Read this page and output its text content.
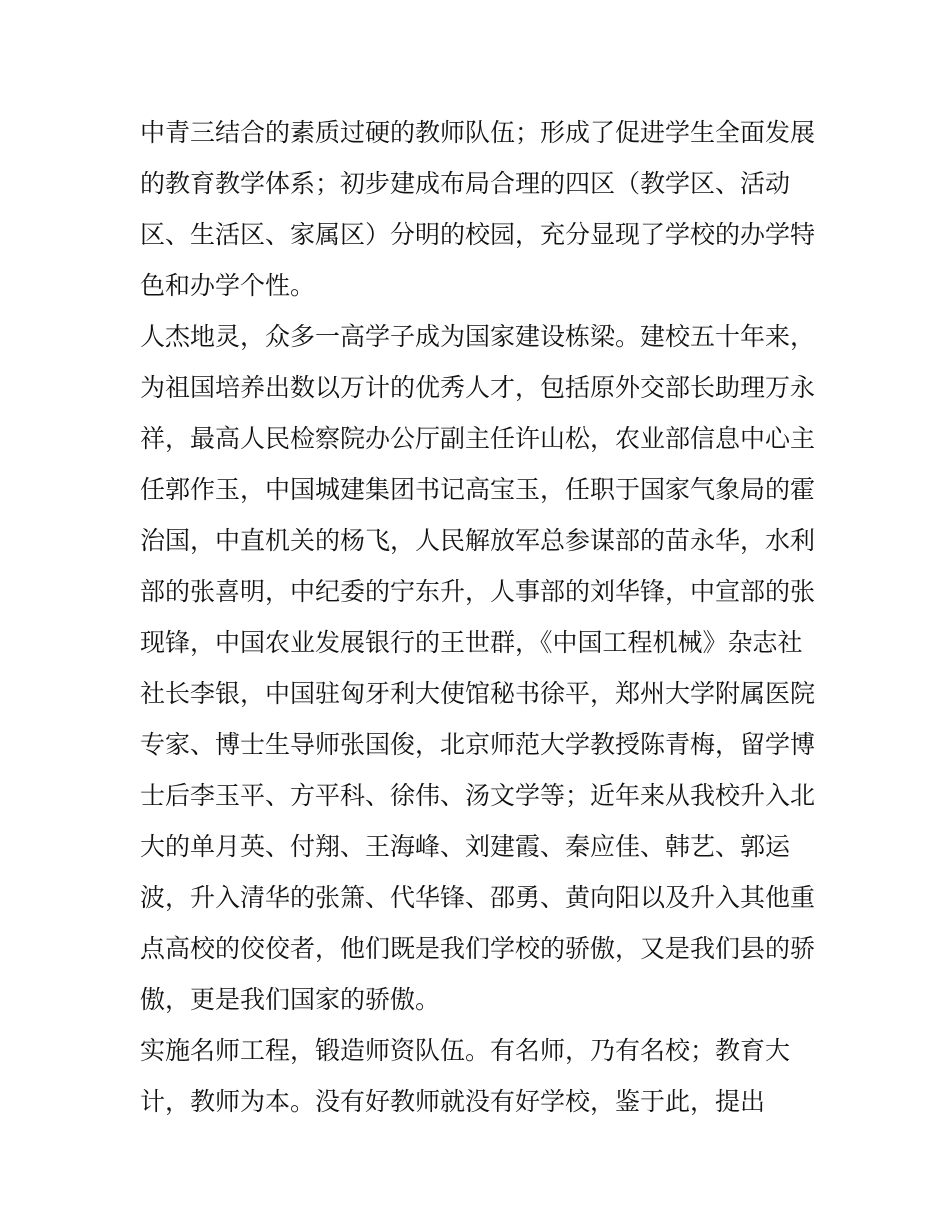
中青三结合的素质过硬的教师队伍；形成了促进学生全面发展
的教育教学体系；初步建成布局合理的四区（教学区、活动
区、生活区、家属区）分明的校园，充分显现了学校的办学特
色和办学个性。
人杰地灵，众多一高学子成为国家建设栋梁。建校五十年来，
为祖国培养出数以万计的优秀人才，包括原外交部长助理万永
祥，最高人民检察院办公厅副主任许山松，农业部信息中心主
任郭作玉，中国城建集团书记高宝玉，任职于国家气象局的霍
治国，中直机关的杨飞，人民解放军总参谋部的苗永华，水利
部的张喜明，中纪委的宁东升，人事部的刘华锋，中宣部的张
现锋，中国农业发展银行的王世群，《中国工程机械》杂志社
社长李银，中国驻匈牙利大使馆秘书徐平，郑州大学附属医院
专家、博士生导师张国俊，北京师范大学教授陈青梅，留学博
士后李玉平、方平科、徐伟、汤文学等；近年来从我校升入北
大的单月英、付翔、王海峰、刘建霞、秦应佳、韩艺、郭运
波，升入清华的张箫、代华锋、邵勇、黄向阳以及升入其他重
点高校的佼佼者，他们既是我们学校的骄傲，又是我们县的骄
傲，更是我们国家的骄傲。
实施名师工程，锻造师资队伍。有名师，乃有名校；教育大
计，教师为本。没有好教师就没有好学校，鉴于此，提出
